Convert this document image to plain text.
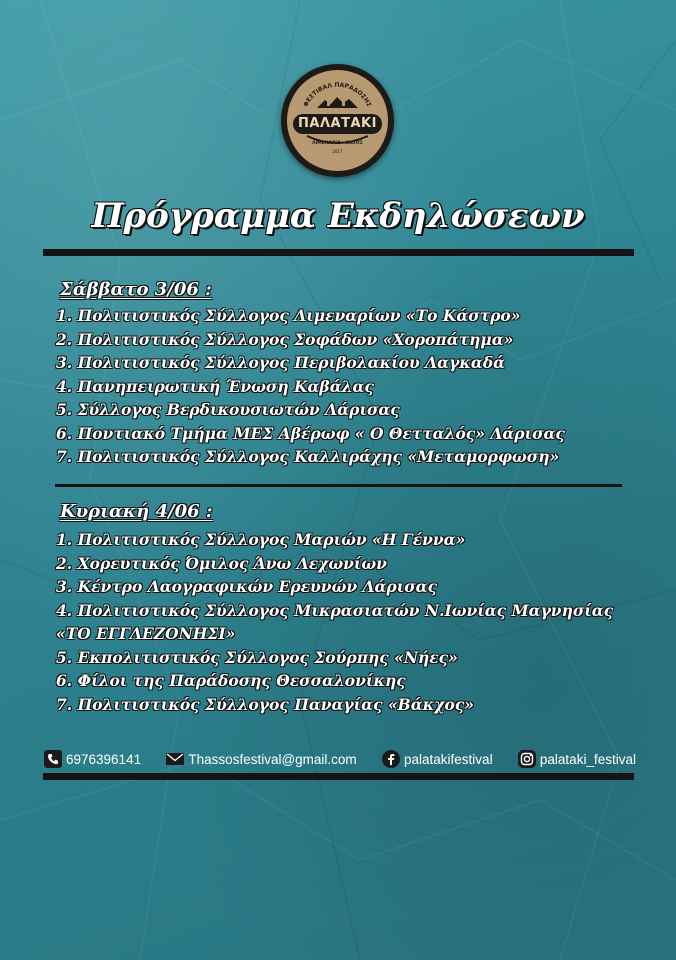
ΦΕΣΤΙΒΑΛ ΠΑΡΑΔΟΣΗΣ
ΠΑΛΑΤΑΚΙ
ΛΙΜΕΝΑΡΙΑ - ΘΑΣΟΣ
2017
Πρόγραμμα Εκδηλώσεων
Σάββατο 3/06 :
1. Πολιτιστικός Σύλλογος Λιμεναρίων «Το Κάστρο»
2. Πολιτιστικός Σύλλογος Σοφάδων «Χοροπάτημα»
3. Πολιτιστικός Σύλλογος Περιβολακίου Λαγκαδά
4. Πανηπειρωτική Ένωση Καβάλας
5. Σύλλογος Βερδικουσιωτών Λάρισας
6. Ποντιακό Τμήμα ΜΕΣ Αβέρωφ « Ο Θετταλός» Λάρισας
7. Πολιτιστικός Σύλλογος Καλλιράχης «Μεταμορφωση»
Κυριακή 4/06 :
1. Πολιτιστικός Σύλλογος Μαριών «Η Γέννα»
2. Χορευτικός Όμιλος Άνω Λεχωνίων
3. Κέντρο Λαογραφικών Ερευνών Λάρισας
4. Πολιτιστικός Σύλλογος Μικρασιατών Ν.Ιωνίας Μαγνησίας
«ΤΟ ΕΓΓΛΕΖΟΝΗΣΙ»
5. Εκπολιτιστικός Σύλλογος Σούρπης «Νήες»
6. Φίλοι της Παράδοσης Θεσσαλονίκης
7. Πολιτιστικός Σύλλογος Παναγίας «Βάκχος»
6976396141	Thassosfestival@gmail.com	palatakifestival	palataki_festival
